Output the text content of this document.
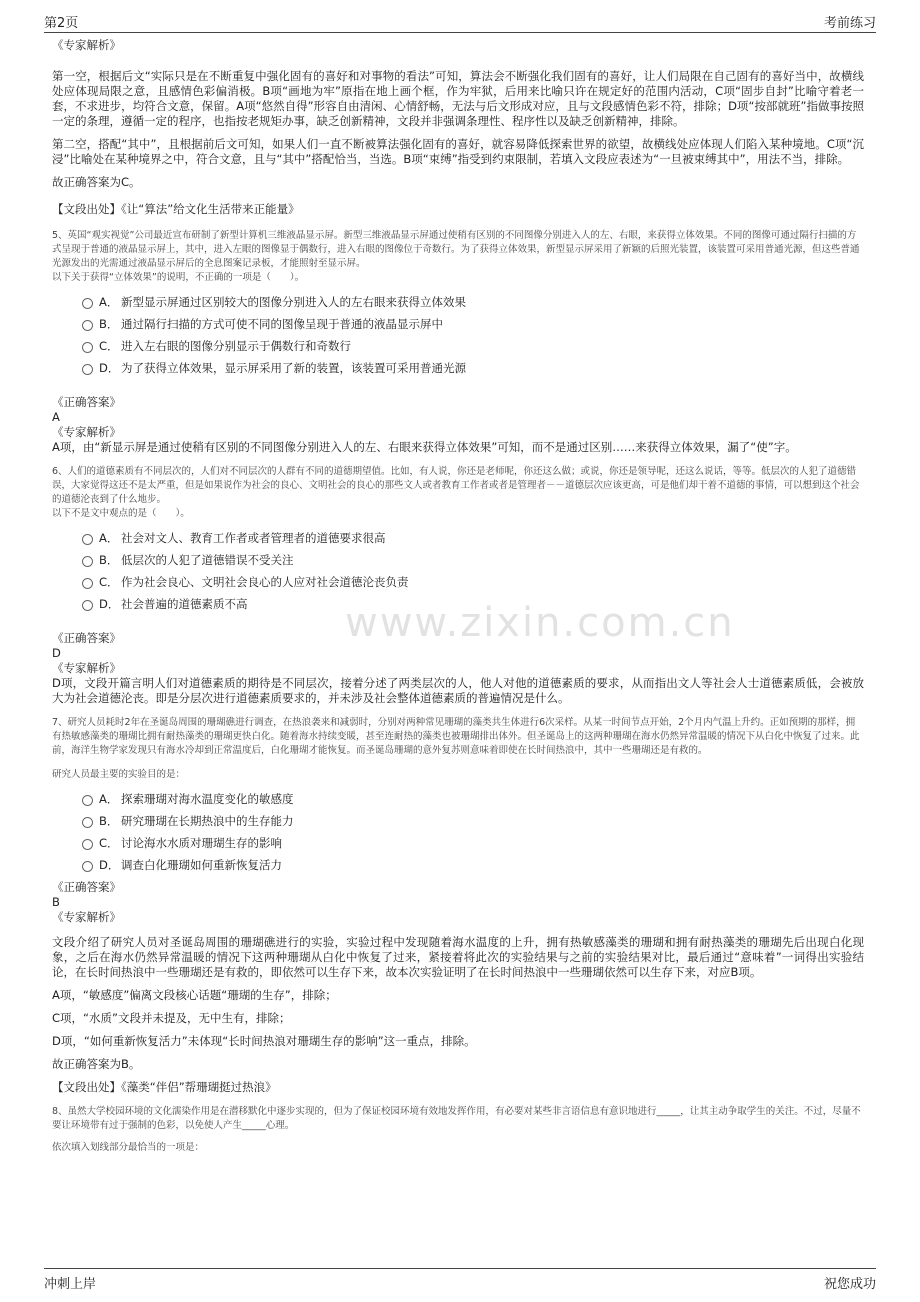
第2页	考前练习
www.zixin.com.cn

《专家解析》

第一空，根据后文“实际只是在不断重复中强化固有的喜好和对事物的看法”可知，算法会不断强化我们固有的喜好，让人们局限在自己固有的喜好当中，故横线处应体现局限之意，且感情色彩偏消极。B项“画地为牢”原指在地上画个框，作为牢狱，后用来比喻只许在规定好的范围内活动，C项“固步自封”比喻守着老一套，不求进步，均符合文意，保留。A项“悠然自得”形容自由清闲、心情舒畅，无法与后文形成对应，且与文段感情色彩不符，排除；D项“按部就班”指做事按照一定的条理，遵循一定的程序，也指按老规矩办事，缺乏创新精神，文段并非强调条理性、程序性以及缺乏创新精神，排除。

第二空，搭配“其中”，且根据前后文可知，如果人们一直不断被算法强化固有的喜好，就容易降低探索世界的欲望，故横线处应体现人们陷入某种境地。C项“沉浸”比喻处在某种境界之中，符合文意，且与“其中”搭配恰当，当选。B项“束缚”指受到约束限制，若填入文段应表述为“一旦被束缚其中”，用法不当，排除。

故正确答案为C。

【文段出处】《让“算法”给文化生活带来正能量》

5、英国“观实视觉”公司最近宣布研制了新型计算机三维液晶显示屏。新型三维液晶显示屏通过使稍有区别的不同图像分别进入人的左、右眼，来获得立体效果。不同的图像可通过隔行扫描的方式呈现于普通的液晶显示屏上，其中，进入左眼的图像显于偶数行，进入右眼的图像位于奇数行。为了获得立体效果，新型显示屏采用了新颖的后照光装置，该装置可采用普通光源，但这些普通光源发出的光需通过液晶显示屏后的全息图案记录板，才能照射至显示屏。

以下关于获得“立体效果”的说明，不正确的一项是（　　）。

A． 新型显示屏通过区别较大的图像分别进入人的左右眼来获得立体效果
B． 通过隔行扫描的方式可使不同的图像呈现于普通的液晶显示屏中
C． 进入左右眼的图像分别显示于偶数行和奇数行
D． 为了获得立体效果，显示屏采用了新的装置，该装置可采用普通光源

《正确答案》

A

《专家解析》

A项，由“新显示屏是通过使稍有区别的不同图像分别进入人的左、右眼来获得立体效果”可知，而不是通过区别……来获得立体效果，漏了“使”字。

6、人们的道德素质有不同层次的，人们对不同层次的人群有不同的道德期望值。比如，有人说，你还是老师呢，你还这么做；或说，你还是领导呢，还这么说话，等等。低层次的人犯了道德错误，大家觉得这还不是太严重，但是如果说作为社会的良心、文明社会的良心的那些文人或者教育工作者或者是管理者－－道德层次应该更高，可是他们却干着不道德的事情，可以想到这个社会的道德沦丧到了什么地步。

以下不是文中观点的是（　　）。

A． 社会对文人、教育工作者或者管理者的道德要求很高
B． 低层次的人犯了道德错误不受关注
C． 作为社会良心、文明社会良心的人应对社会道德沦丧负责
D． 社会普遍的道德素质不高

《正确答案》

D

《专家解析》

D项，文段开篇言明人们对道德素质的期待是不同层次，接着分述了两类层次的人，他人对他的道德素质的要求，从而指出文人等社会人士道德素质低，会被放大为社会道德沦丧。即是分层次进行道德素质要求的，并未涉及社会整体道德素质的普遍情况是什么。

7、研究人员耗时2年在圣诞岛周围的珊瑚礁进行调查，在热浪袭来和减弱时，分别对两种常见珊瑚的藻类共生体进行6次采样。从某一时间节点开始，2个月内气温上升约。正如预期的那样，拥有热敏感藻类的珊瑚比拥有耐热藻类的珊瑚更快白化。随着海水持续变暖，甚至连耐热的藻类也被珊瑚排出体外。但圣诞岛上的这两种珊瑚在海水仍然异常温暖的情况下从白化中恢复了过来。此前，海洋生物学家发现只有海水冷却到正常温度后，白化珊瑚才能恢复。而圣诞岛珊瑚的意外复苏则意味着即使在长时间热浪中，其中一些珊瑚还是有救的。

研究人员最主要的实验目的是：

A． 探索珊瑚对海水温度变化的敏感度
B． 研究珊瑚在长期热浪中的生存能力
C． 讨论海水水质对珊瑚生存的影响
D． 调查白化珊瑚如何重新恢复活力

《正确答案》

B

《专家解析》

文段介绍了研究人员对圣诞岛周围的珊瑚礁进行的实验，实验过程中发现随着海水温度的上升，拥有热敏感藻类的珊瑚和拥有耐热藻类的珊瑚先后出现白化现象，之后在海水仍然异常温暖的情况下这两种珊瑚从白化中恢复了过来，紧接着将此次的实验结果与之前的实验结果对比，最后通过“意味着”一词得出实验结论，在长时间热浪中一些珊瑚还是有救的，即依然可以生存下来，故本次实验证明了在长时间热浪中一些珊瑚依然可以生存下来，对应B项。

A项，“敏感度”偏离文段核心话题“珊瑚的生存”，排除；

C项，“水质”文段并未提及，无中生有，排除；

D项，“如何重新恢复活力”未体现“长时间热浪对珊瑚生存的影响”这一重点，排除。

故正确答案为B。

【文段出处】《藻类“伴侣”帮珊瑚挺过热浪》

8、虽然大学校园环境的文化濡染作用是在潜移默化中逐步实现的，但为了保证校园环境有效地发挥作用，有必要对某些非言语信息有意识地进行_____，让其主动争取学生的关注。不过，尽量不要让环境带有过于强制的色彩，以免使人产生_____心理。

依次填入划线部分最恰当的一项是：

冲刺上岸	祝您成功
